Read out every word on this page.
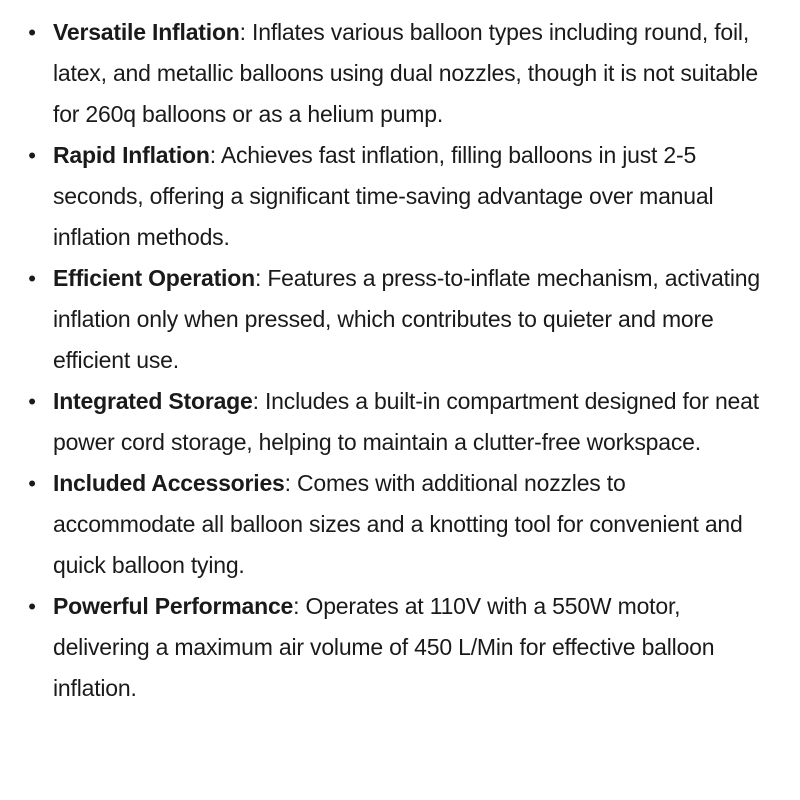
• Versatile Inflation: Inflates various balloon types including round, foil, latex, and metallic balloons using dual nozzles, though it is not suitable for 260q balloons or as a helium pump.
• Rapid Inflation: Achieves fast inflation, filling balloons in just 2-5 seconds, offering a significant time-saving advantage over manual inflation methods.
• Efficient Operation: Features a press-to-inflate mechanism, activating inflation only when pressed, which contributes to quieter and more efficient use.
• Integrated Storage: Includes a built-in compartment designed for neat power cord storage, helping to maintain a clutter-free workspace.
• Included Accessories: Comes with additional nozzles to accommodate all balloon sizes and a knotting tool for convenient and quick balloon tying.
• Powerful Performance: Operates at 110V with a 550W motor, delivering a maximum air volume of 450 L/Min for effective balloon inflation.
